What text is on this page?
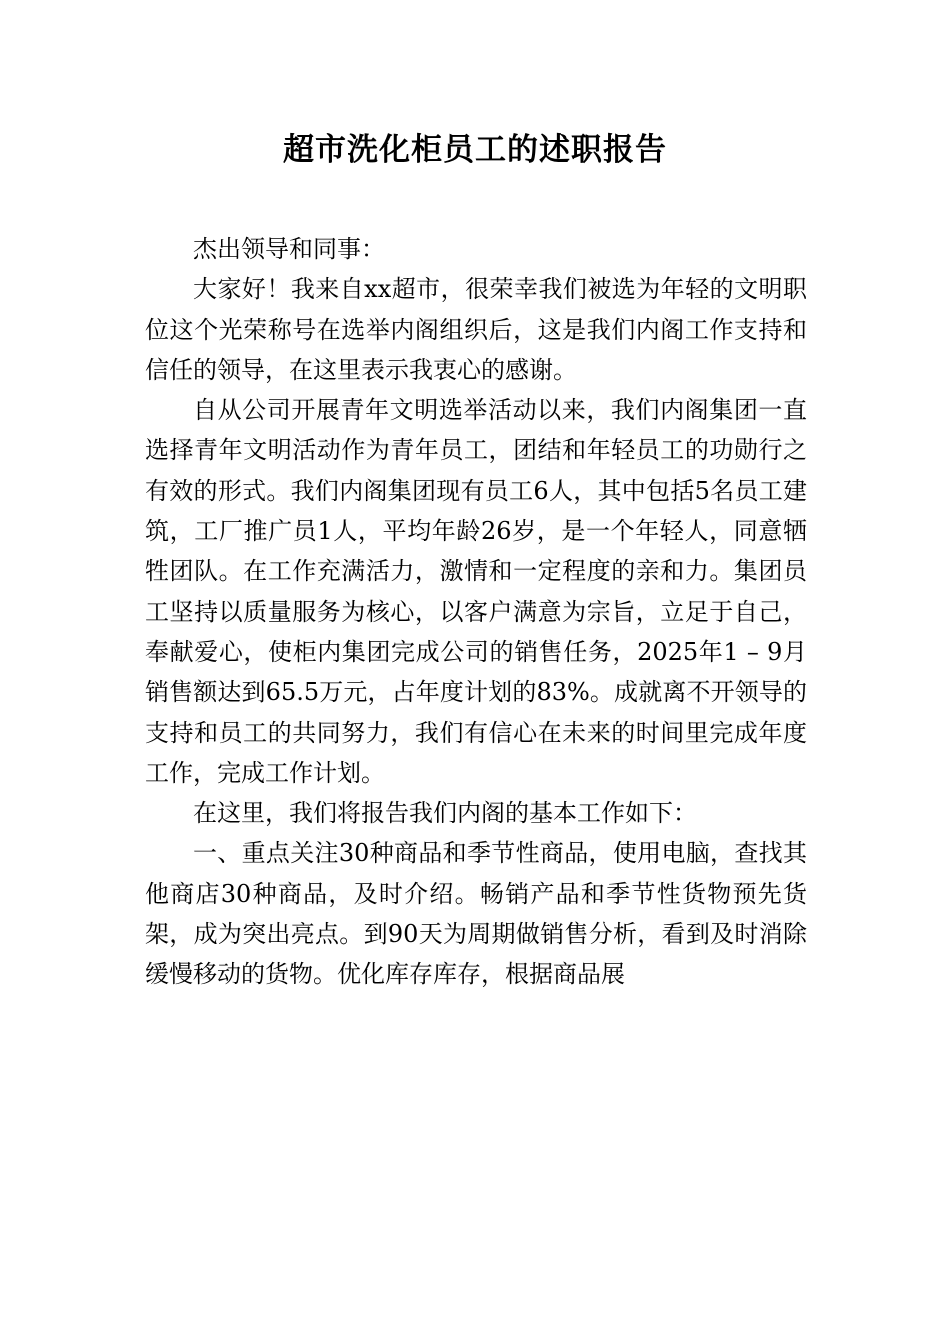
超市洗化柜员工的述职报告

杰出领导和同事：

大家好！我来自xx超市，很荣幸我们被选为年轻的文明职位这个光荣称号在选举内阁组织后，这是我们内阁工作支持和信任的领导，在这里表示我衷心的感谢。

自从公司开展青年文明选举活动以来，我们内阁集团一直选择青年文明活动作为青年员工，团结和年轻员工的功勋行之有效的形式。我们内阁集团现有员工6人，其中包括5名员工建筑，工厂推广员1人，平均年龄26岁，是一个年轻人，同意牺牲团队。在工作充满活力，激情和一定程度的亲和力。集团员工坚持以质量服务为核心，以客户满意为宗旨，立足于自己，奉献爱心，使柜内集团完成公司的销售任务，2025年1 – 9月销售额达到65.5万元，占年度计划的83%。成就离不开领导的支持和员工的共同努力，我们有信心在未来的时间里完成年度工作，完成工作计划。

在这里，我们将报告我们内阁的基本工作如下：

一、重点关注30种商品和季节性商品，使用电脑，查找其他商店30种商品，及时介绍。畅销产品和季节性货物预先货架，成为突出亮点。到90天为周期做销售分析，看到及时消除缓慢移动的货物。优化库存库存，根据商品展
